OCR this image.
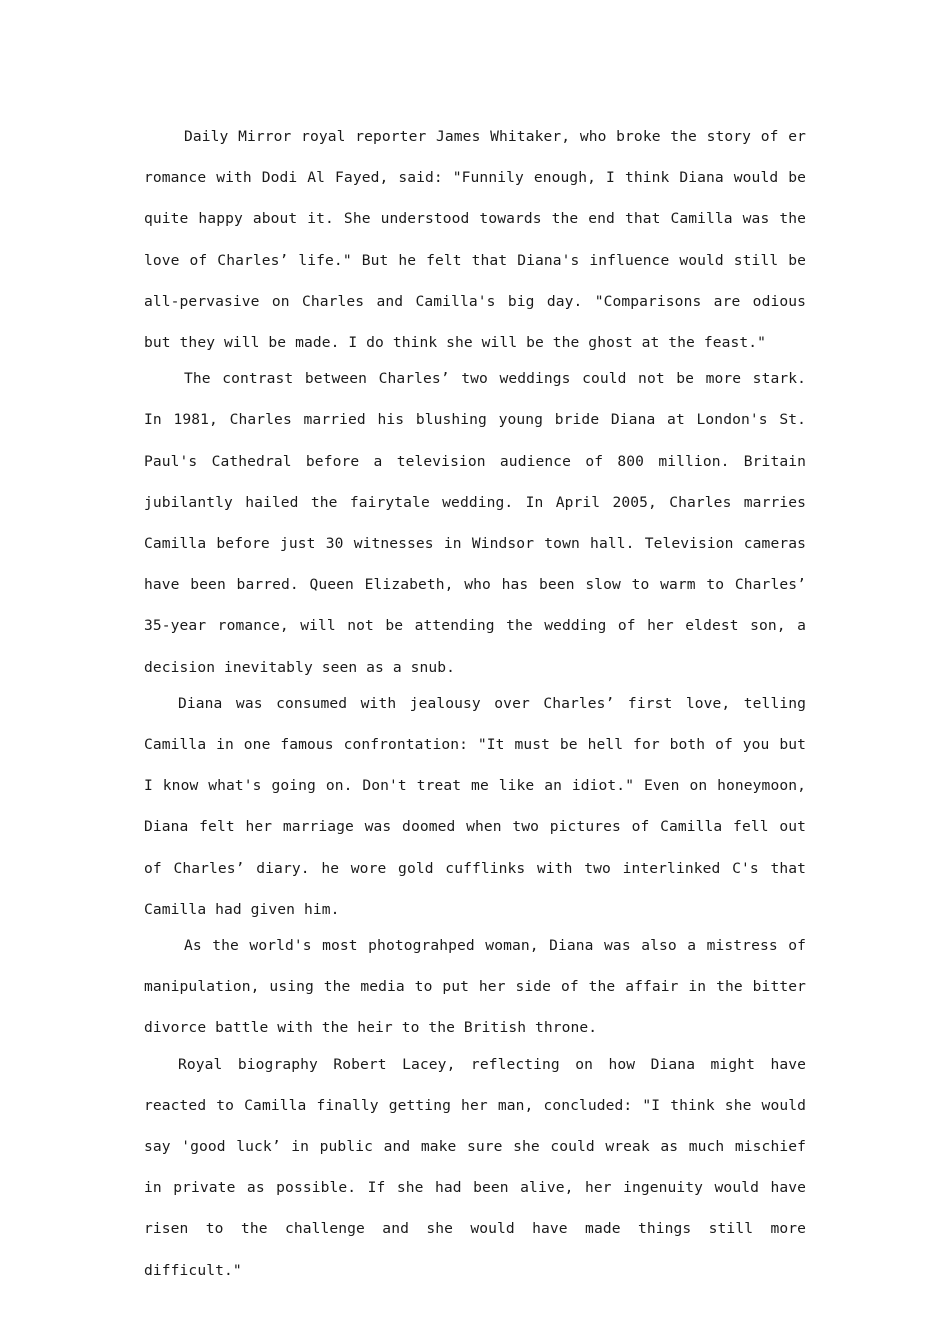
Daily Mirror royal reporter James Whitaker, who broke the story of er romance with Dodi Al Fayed, said: "Funnily enough, I think Diana would be quite happy about it. She understood towards the end that Camilla was the love of Charles’ life." But he felt that Diana's influence would still be all-pervasive on Charles and Camilla's big day. "Comparisons are odious but they will be made. I do think she will be the ghost at the feast."

The contrast between Charles’ two weddings could not be more stark. In 1981, Charles married his blushing young bride Diana at London's St. Paul's Cathedral before a television audience of 800 million. Britain jubilantly hailed the fairytale wedding. In April 2005, Charles marries Camilla before just 30 witnesses in Windsor town hall. Television cameras have been barred. Queen Elizabeth, who has been slow to warm to Charles’ 35-year romance, will not be attending the wedding of her eldest son, a decision inevitably seen as a snub.

Diana was consumed with jealousy over Charles’ first love, telling Camilla in one famous confrontation: "It must be hell for both of you but I know what's going on. Don't treat me like an idiot." Even on honeymoon, Diana felt her marriage was doomed when two pictures of Camilla fell out of Charles’ diary. he wore gold cufflinks with two interlinked C's that Camilla had given him.

As the world's most photograhped woman, Diana was also a mistress of manipulation, using the media to put her side of the affair in the bitter divorce battle with the heir to the British throne.

Royal biography Robert Lacey, reflecting on how Diana might have reacted to Camilla finally getting her man, concluded: "I think she would say 'good luck’ in public and make sure she could wreak as much mischief in private as possible. If she had been alive, her ingenuity would have risen to the challenge and she would have made things still more difficult."
